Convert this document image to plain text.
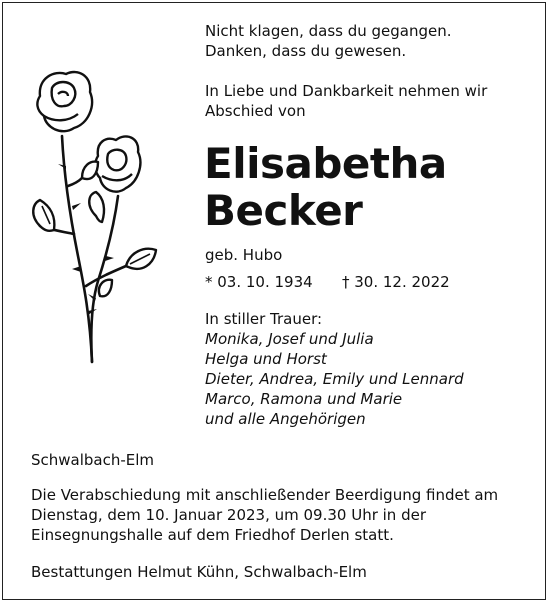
Nicht klagen, dass du gegangen.
Danken, dass du gewesen.
In Liebe und Dankbarkeit nehmen wir
Abschied von
Elisabetha
Becker
geb. Hubo
* 03. 10. 1934 † 30. 12. 2022
In stiller Trauer:
Monika, Josef und Julia
Helga und Horst
Dieter, Andrea, Emily und Lennard
Marco, Ramona und Marie
und alle Angehörigen
Schwalbach-Elm
Die Verabschiedung mit anschließender Beerdigung findet am
Dienstag, dem 10. Januar 2023, um 09.30 Uhr in der
Einsegnungshalle auf dem Friedhof Derlen statt.
Bestattungen Helmut Kühn, Schwalbach-Elm
